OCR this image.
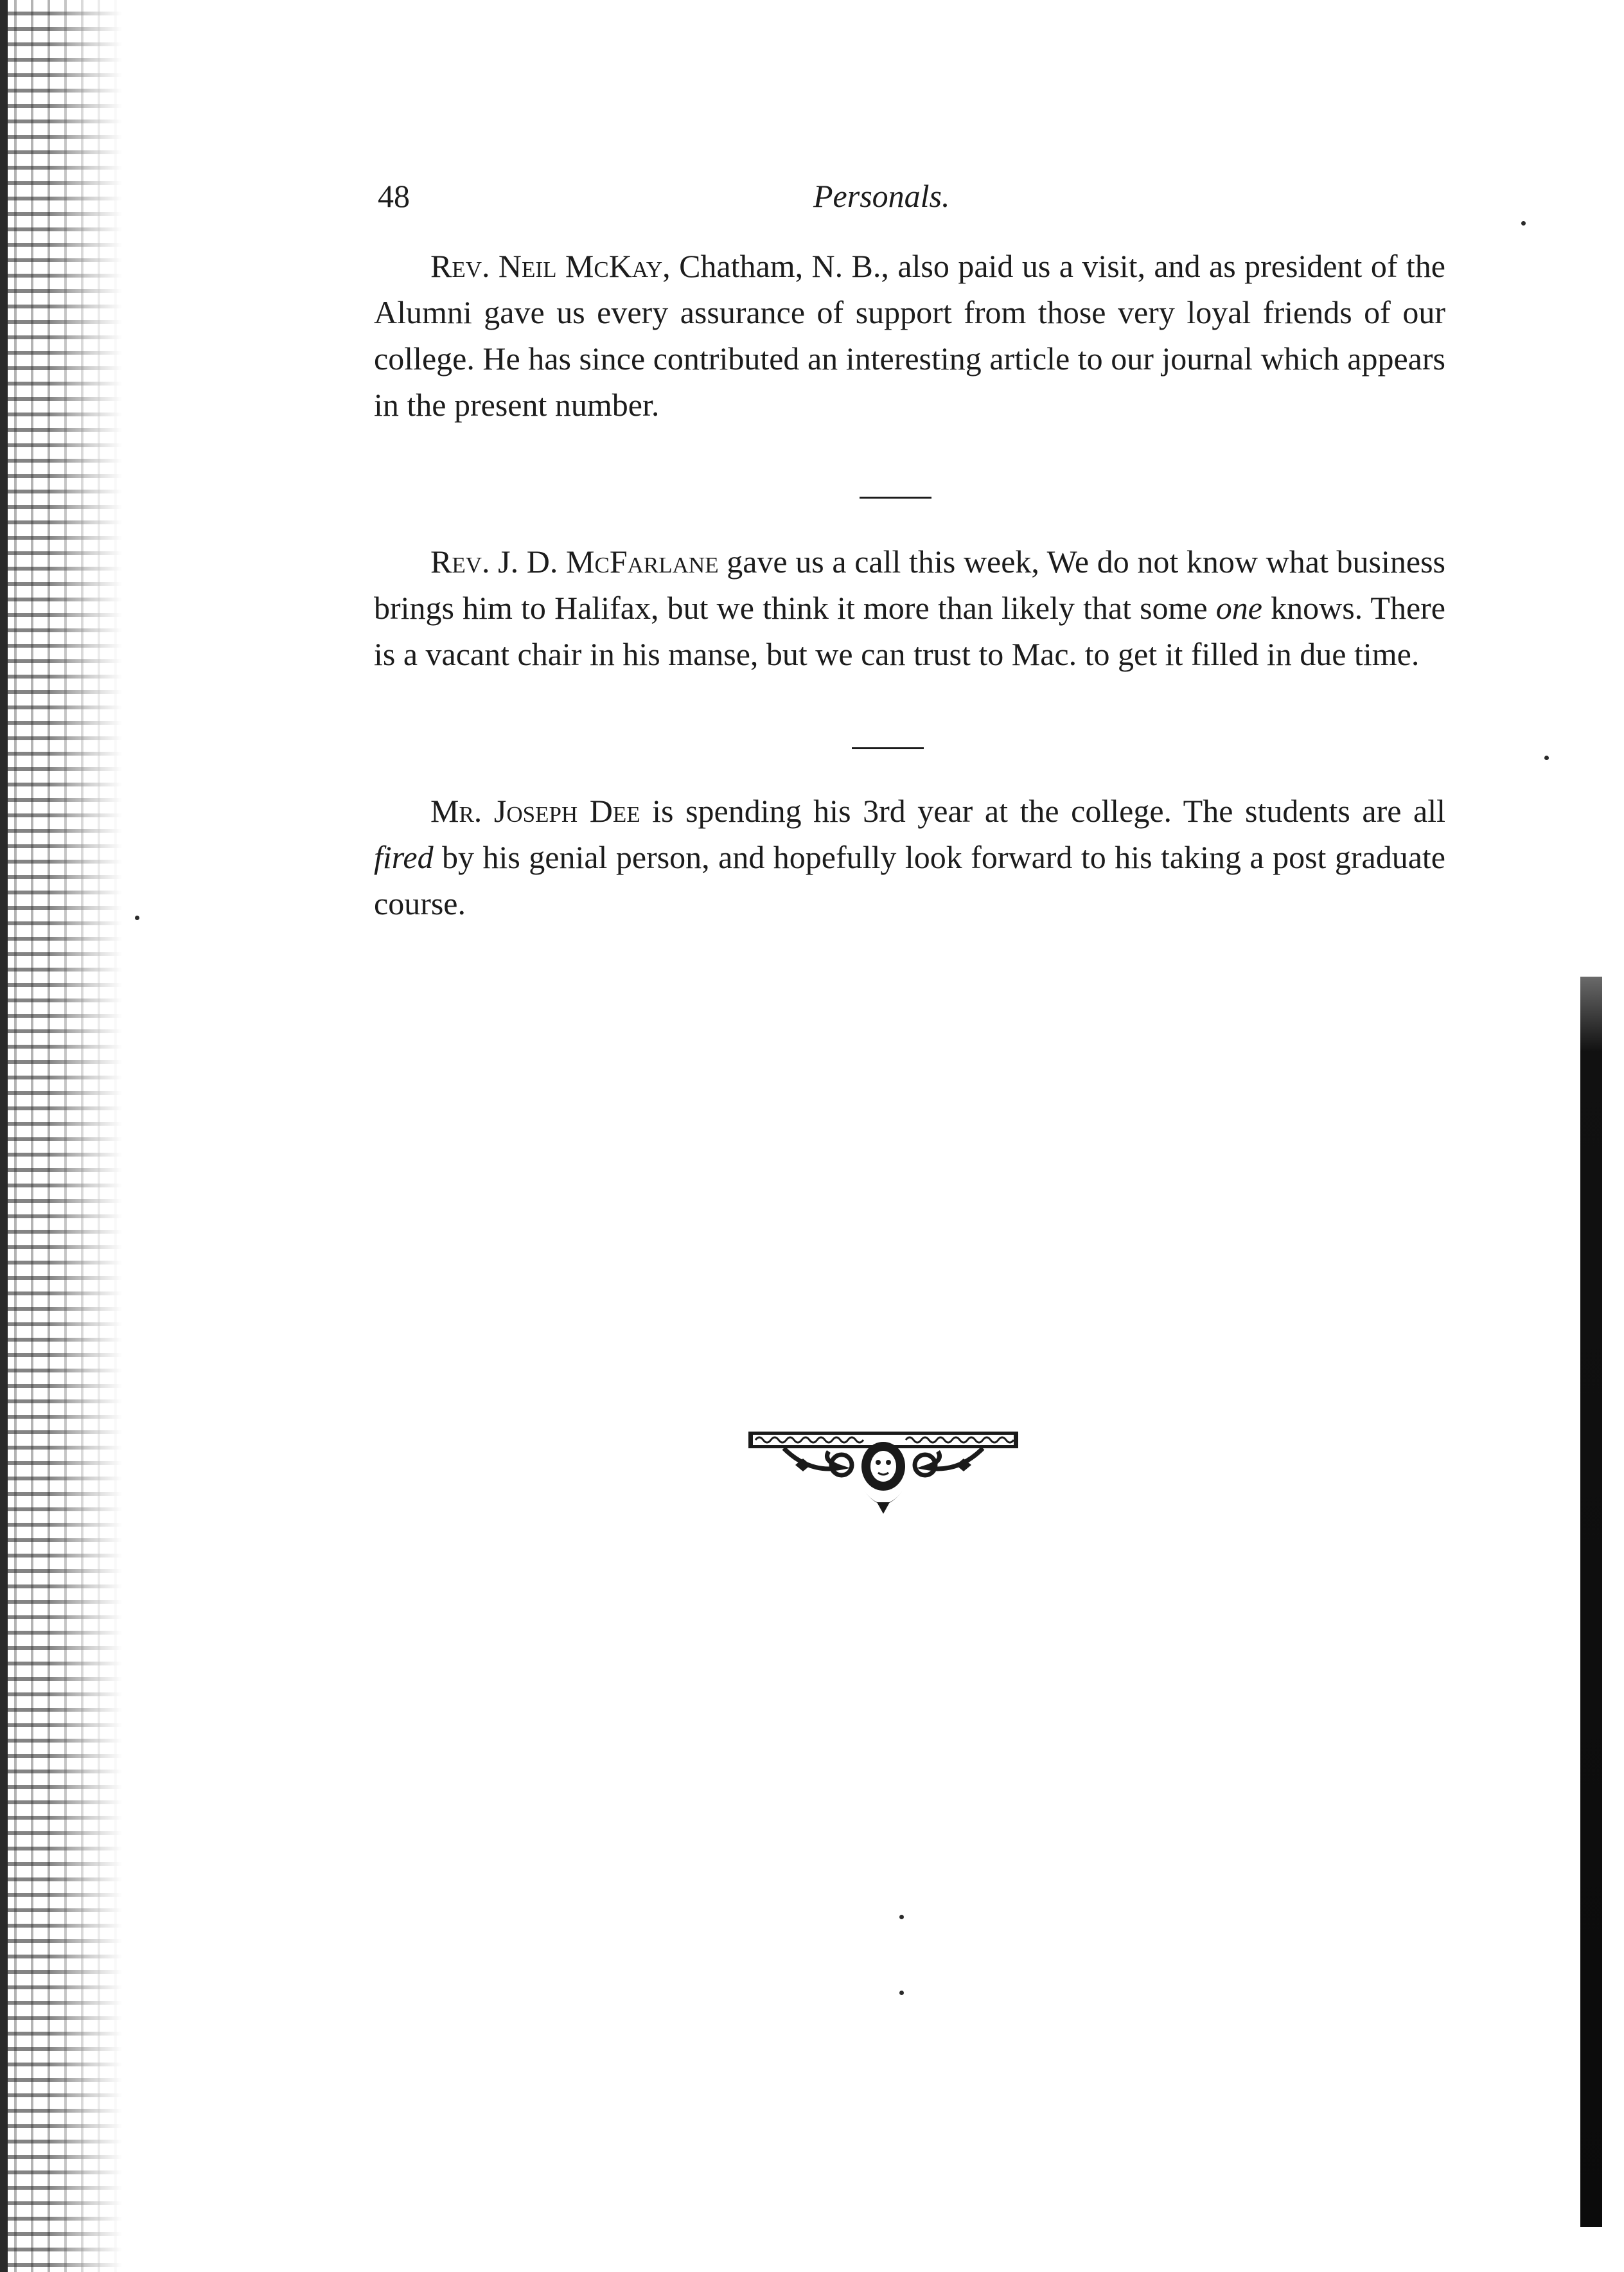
48	Personals.

Rev. Neil McKay, Chatham, N. B., also paid us a visit, and as president of the Alumni gave us every assurance of support from those very loyal friends of our college. He has since contributed an interesting article to our journal which appears in the present number.

Rev. J. D. McFarlane gave us a call this week, We do not know what business brings him to Halifax, but we think it more than likely that some one knows. There is a vacant chair in his manse, but we can trust to Mac. to get it filled in due time.

Mr. Joseph Dee is spending his 3rd year at the college. The students are all fired by his genial person, and hopefully look forward to his taking a post graduate course.
